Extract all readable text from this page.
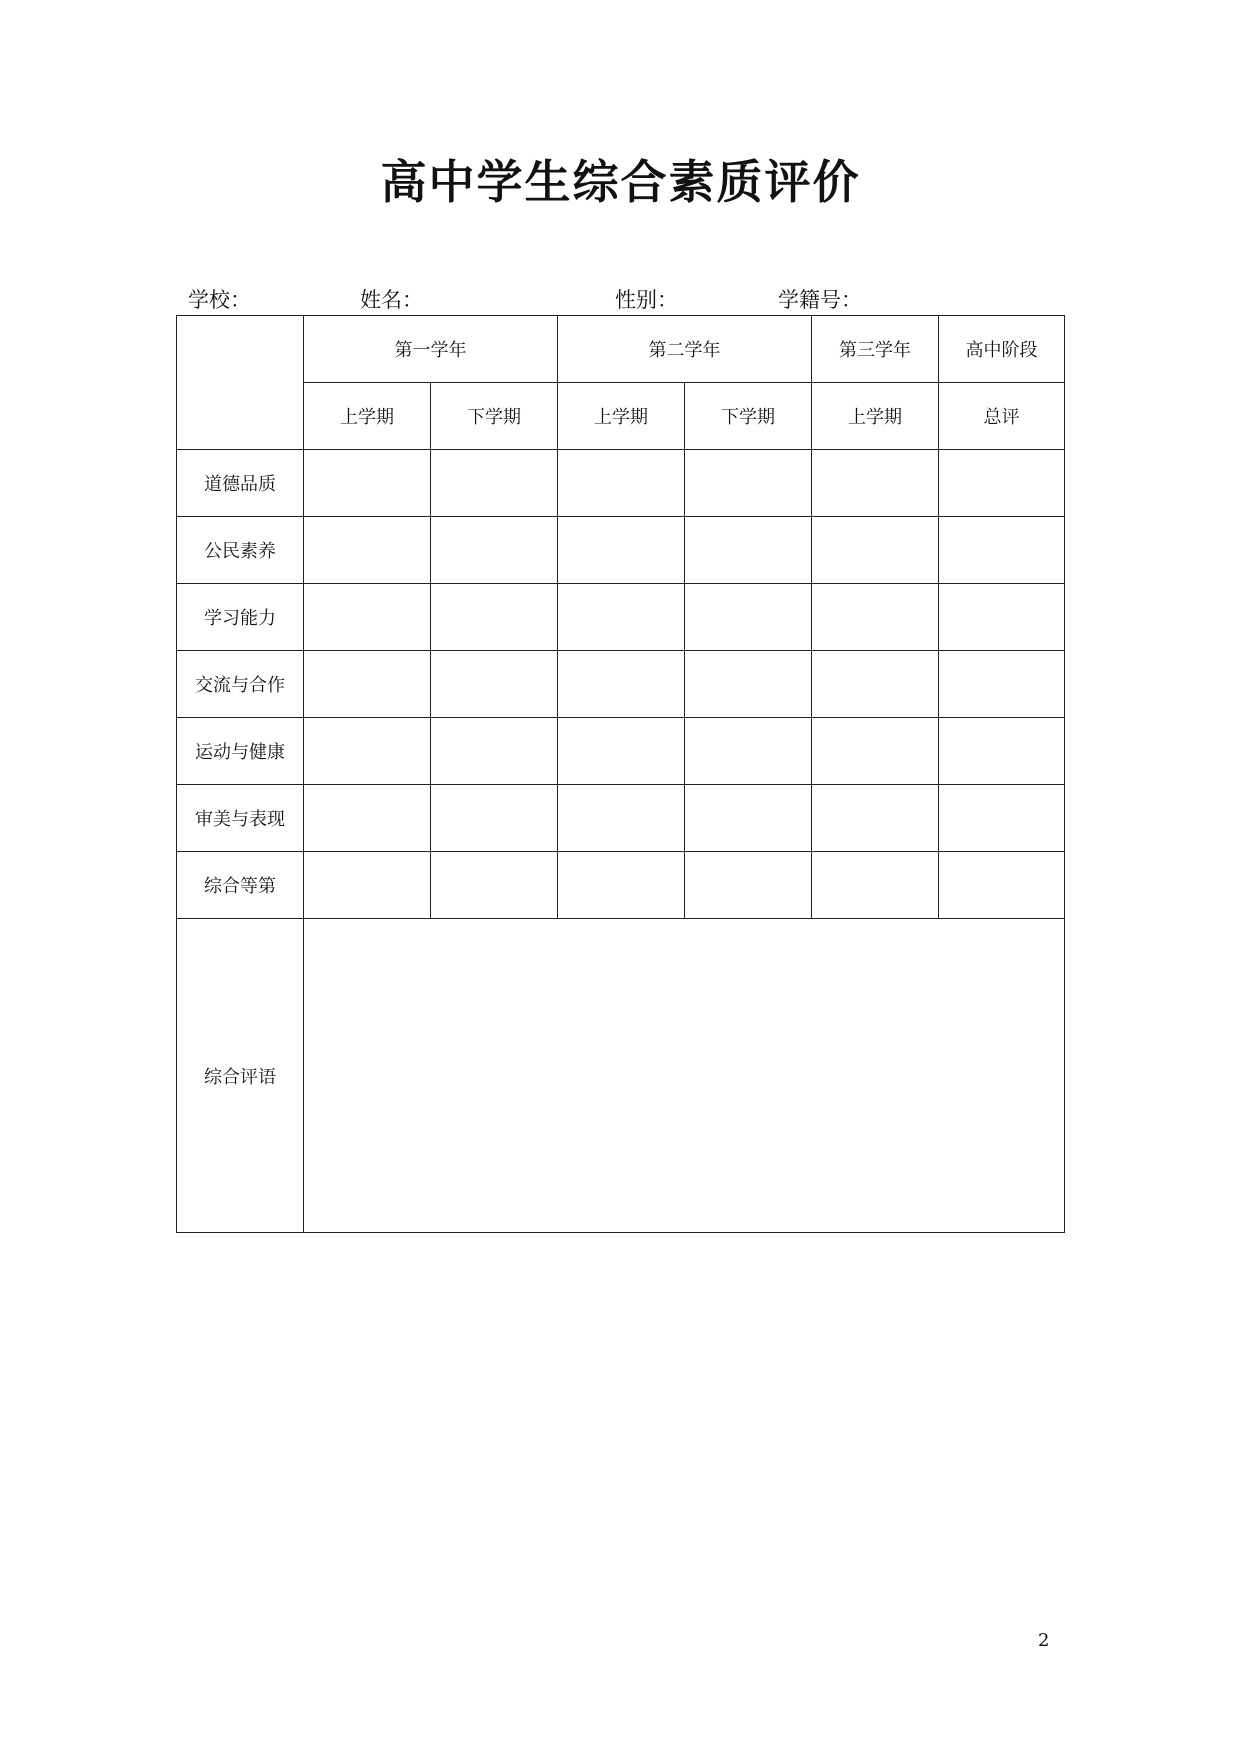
高中学生综合素质评价
学校：	姓名：	性别：	学籍号：
	第一学年		第二学年		第三学年	高中阶段
	上学期	下学期	上学期	下学期	上学期	总评
道德品质						
公民素养						
学习能力						
交流与合作						
运动与健康						
审美与表现						
综合等第						
综合评语						
2
